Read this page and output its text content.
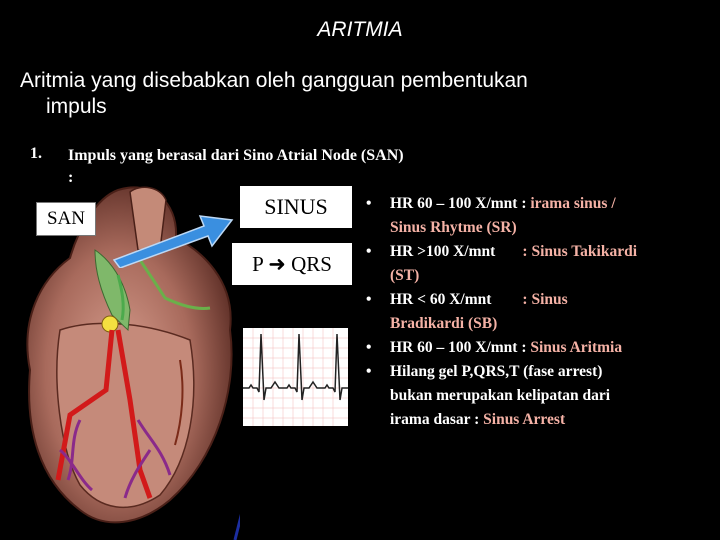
ARITMIA
Aritmia yang disebabkan oleh gangguan pembentukan
impuls
1. Impuls yang berasal dari Sino Atrial Node (SAN)
:
SAN	SINUS
P ➜ QRS
• HR 60 – 100 X/mnt : irama sinus /
Sinus Rhytme (SR)
• HR >100 X/mnt       : Sinus Takikardi
(ST)
• HR < 60 X/mnt        : Sinus
Bradikardi (SB)
• HR 60 – 100 X/mnt : Sinus Aritmia
• Hilang gel P,QRS,T (fase arrest)
bukan merupakan kelipatan dari
irama dasar : Sinus Arrest
